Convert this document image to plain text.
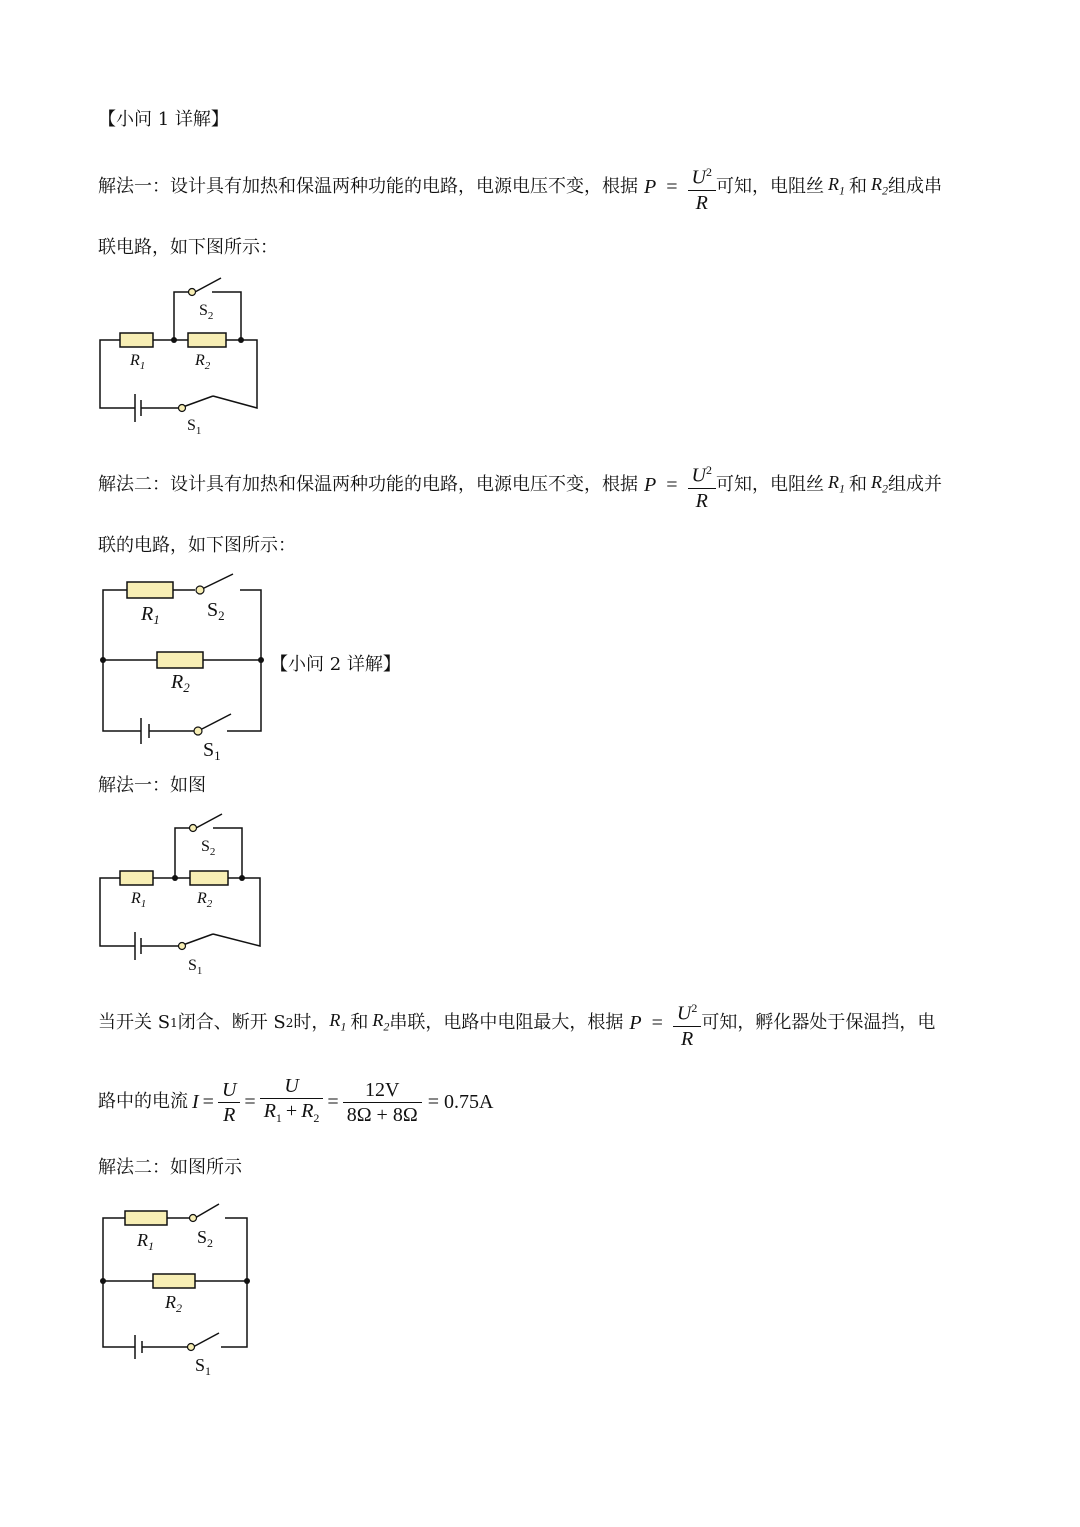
【小问 1 详解】
解法一：设计具有加热和保温两种功能的电路，电源电压不变，根据 $P = \frac{U^2}{R}$ 可知，电阻丝 $R_1$ 和 $R_2$ 组成串
联电路，如下图所示：
$S_2$
$R_1$	$R_2$
$S_1$
解法二：设计具有加热和保温两种功能的电路，电源电压不变，根据 $P = \frac{U^2}{R}$ 可知，电阻丝 $R_1$ 和 $R_2$ 组成并
联的电路，如下图所示：
$R_1$ $S_2$
$R_2$
$S_1$
【小问 2 详解】
解法一：如图
$S_2$
$R_1$	$R_2$
$S_1$
当开关 S 1 闭合、断开 S 2 时， $R_1$ 和 $R_2$ 串联，电路中电阻最大，根据 $P = \frac{U^2}{R}$ 可知，孵化器处于保温挡，电
路中的电流 $I = \frac{U}{R} = \frac{U}{R_1 + R_2} = \frac{12V}{8\Omega + 8\Omega} = 0.75A$
解法二：如图所示
$R_1$ $S_2$
$R_2$
$S_1$
